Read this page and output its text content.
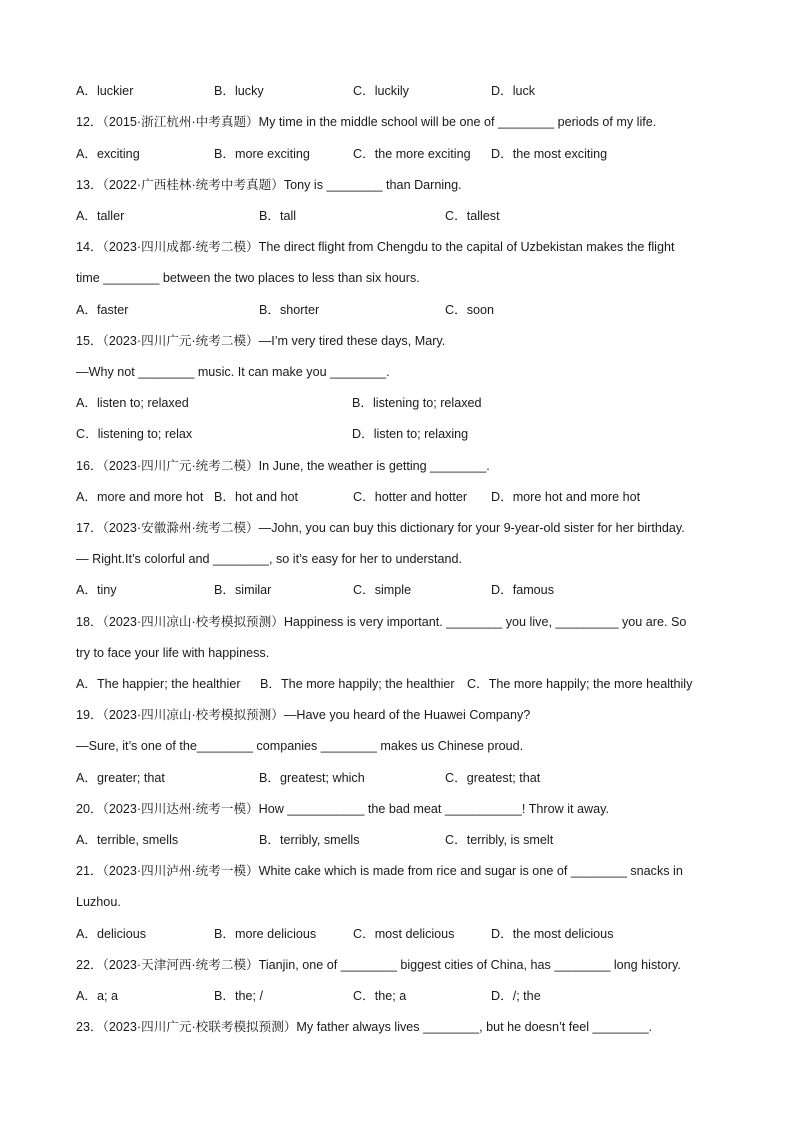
A．luckier	B．lucky	C．luckily	D．luck
12．（2015·浙江杭州·中考真题）My time in the middle school will be one of ________ periods of my life.
A．exciting	B．more exciting	C．the more exciting D．the most exciting
13．（2022·广西桂林·统考中考真题）Tony is ________ than Darning.
A．taller	B．tall	C．tallest
14．（2023·四川成都·统考二模）The direct flight from Chengdu to the capital of Uzbekistan makes the flight
time ________ between the two places to less than six hours.
A．faster	B．shorter	C．soon
15．（2023·四川广元·统考二模）—I’m very tired these days, Mary.
—Why not ________ music. It can make you ________.
A．listen to; relaxed	B．listening to; relaxed
C．listening to; relax	D．listen to; relaxing
16．（2023·四川广元·统考二模）In June, the weather is getting ________.
A．more and more hot B．hot and hot	C．hotter and hotter D．more hot and more hot
17．（2023·安徽滁州·统考二模）—John, you can buy this dictionary for your 9-year-old sister for her birthday.
— Right.It’s colorful and ________, so it’s easy for her to understand.
A．tiny	B．similar	C．simple	D．famous
18．（2023·四川凉山·校考模拟预测）Happiness is very important. ________ you live, _________ you are. So
try to face your life with happiness.
A．The happier; the healthier B．The more happily; the healthier C．The more happily; the more healthily
19．（2023·四川凉山·校考模拟预测）—Have you heard of the Huawei Company?
—Sure, it’s one of the________ companies ________ makes us Chinese proud.
A．greater; that	B．greatest; which	C．greatest; that
20．（2023·四川达州·统考一模）How ___________ the bad meat ___________! Throw it away.
A．terrible, smells	B．terribly, smells	C．terribly, is smelt
21．（2023·四川泸州·统考一模）White cake which is made from rice and sugar is one of ________ snacks in
Luzhou.
A．delicious	B．more delicious	C．most delicious	D．the most delicious
22．（2023·天津河西·统考二模）Tianjin, one of ________ biggest cities of China, has ________ long history.
A．a; a	B．the; /	C．the; a	D．/; the
23．（2023·四川广元·校联考模拟预测）My father always lives ________, but he doesn’t feel ________.
